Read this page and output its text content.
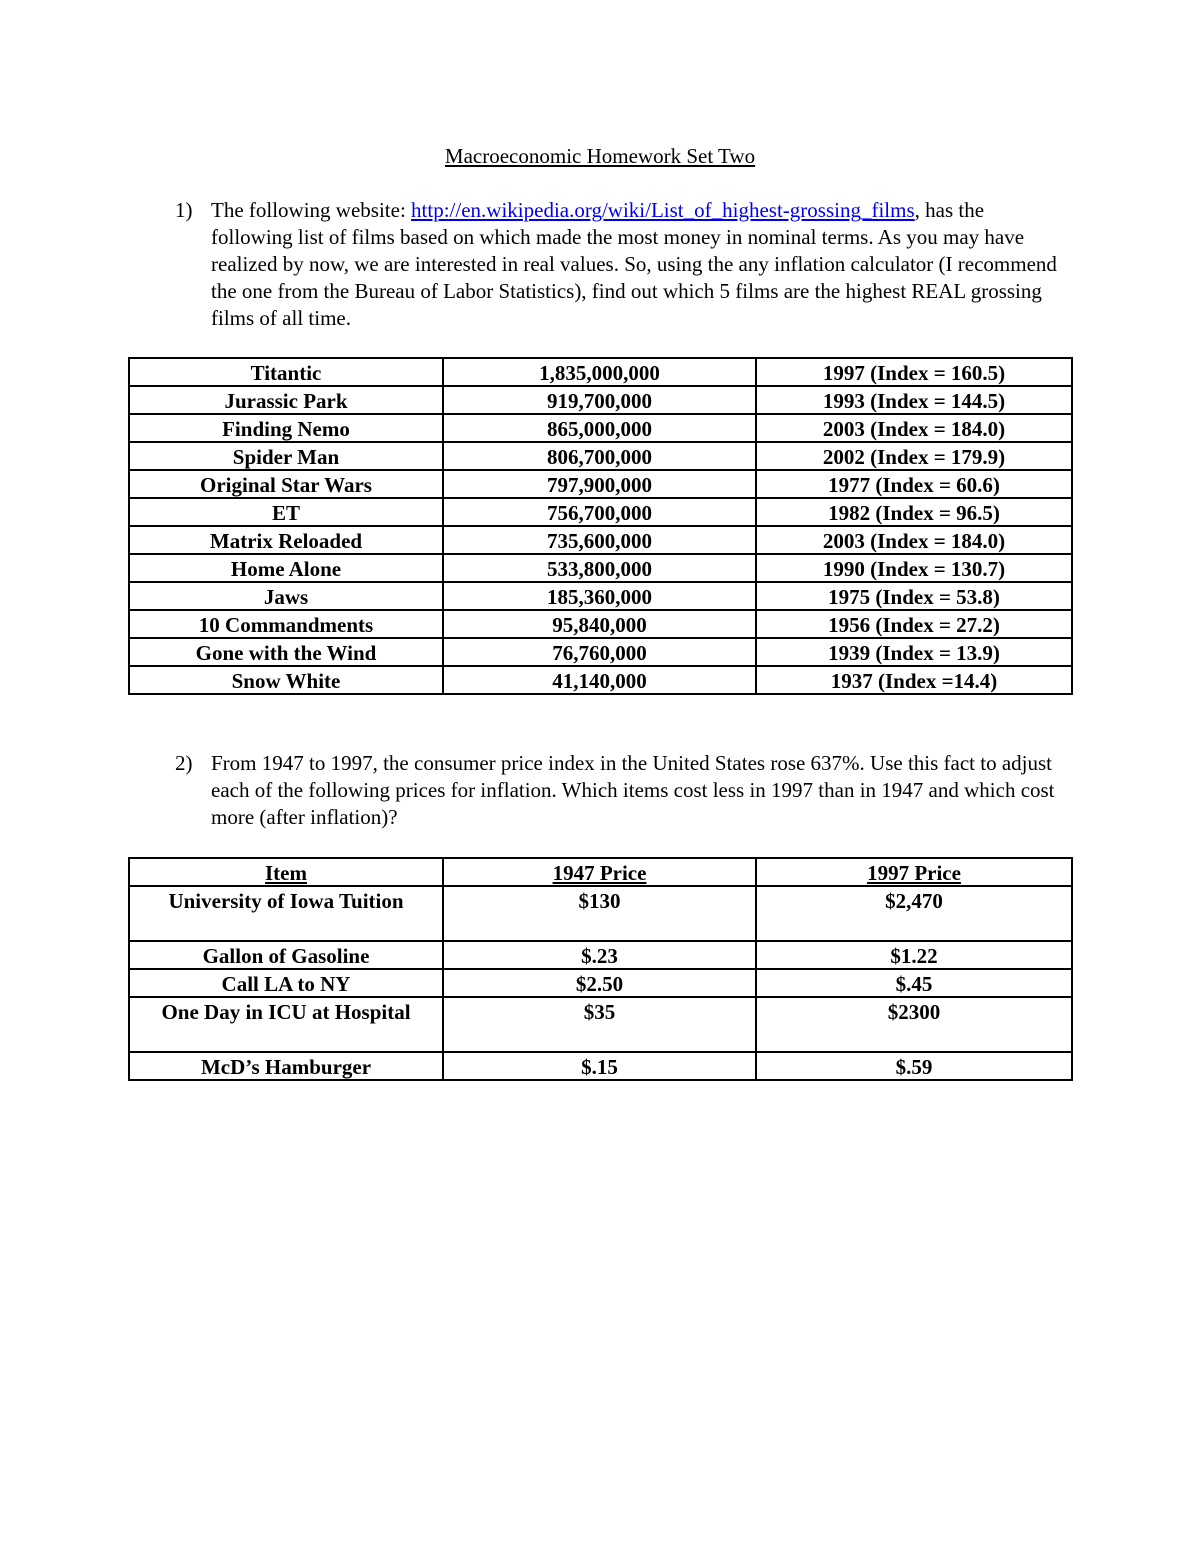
Macroeconomic Homework Set Two
1) The following website: http://en.wikipedia.org/wiki/List_of_highest-grossing_films, has the following list of films based on which made the most money in nominal terms. As you may have realized by now, we are interested in real values. So, using the any inflation calculator (I recommend the one from the Bureau of Labor Statistics), find out which 5 films are the highest REAL grossing films of all time.
Titantic	1,835,000,000	1997 (Index = 160.5)
Jurassic Park	919,700,000	1993 (Index = 144.5)
Finding Nemo	865,000,000	2003 (Index = 184.0)
Spider Man	806,700,000	2002 (Index = 179.9)
Original Star Wars	797,900,000	1977 (Index = 60.6)
ET	756,700,000	1982 (Index = 96.5)
Matrix Reloaded	735,600,000	2003 (Index = 184.0)
Home Alone	533,800,000	1990 (Index = 130.7)
Jaws	185,360,000	1975 (Index = 53.8)
10 Commandments	95,840,000	1956 (Index = 27.2)
Gone with the Wind	76,760,000	1939 (Index = 13.9)
Snow White	41,140,000	1937 (Index =14.4)
2) From 1947 to 1997, the consumer price index in the United States rose 637%. Use this fact to adjust each of the following prices for inflation. Which items cost less in 1997 than in 1947 and which cost more (after inflation)?
Item	1947 Price	1997 Price
University of Iowa Tuition	$130	$2,470
Gallon of Gasoline	$.23	$1.22
Call LA to NY	$2.50	$.45
One Day in ICU at Hospital	$35	$2300
McD’s Hamburger	$.15	$.59
